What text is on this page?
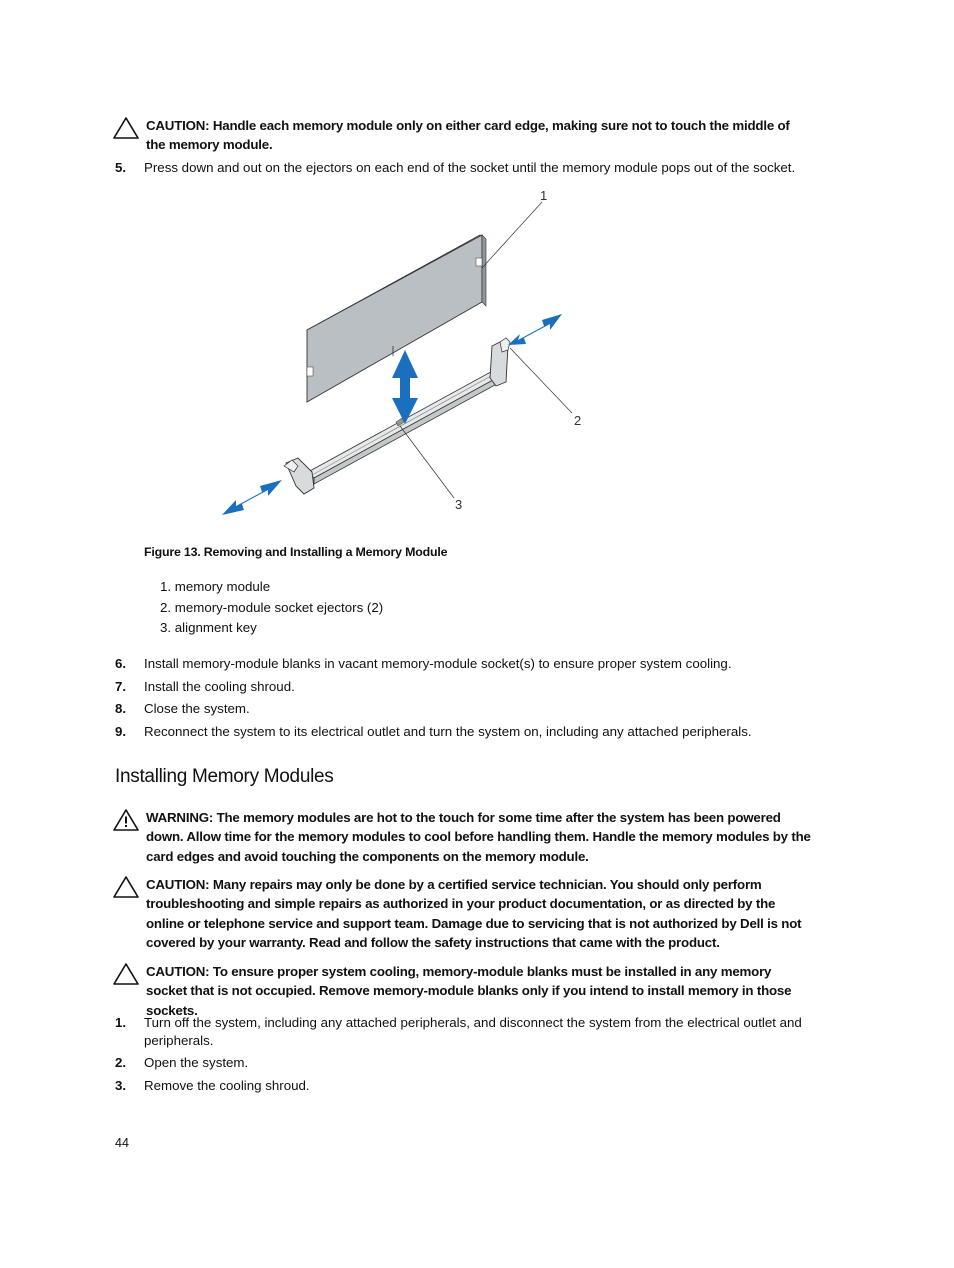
CAUTION: Handle each memory module only on either card edge, making sure not to touch the middle of the memory module.
5. Press down and out on the ejectors on each end of the socket until the memory module pops out of the socket.
1
2
3
Figure 13. Removing and Installing a Memory Module
1. memory module
2. memory-module socket ejectors (2)
3. alignment key
6. Install memory-module blanks in vacant memory-module socket(s) to ensure proper system cooling.
7. Install the cooling shroud.
8. Close the system.
9. Reconnect the system to its electrical outlet and turn the system on, including any attached peripherals.
Installing Memory Modules
WARNING: The memory modules are hot to the touch for some time after the system has been powered down. Allow time for the memory modules to cool before handling them. Handle the memory modules by the card edges and avoid touching the components on the memory module.
CAUTION: Many repairs may only be done by a certified service technician. You should only perform troubleshooting and simple repairs as authorized in your product documentation, or as directed by the online or telephone service and support team. Damage due to servicing that is not authorized by Dell is not covered by your warranty. Read and follow the safety instructions that came with the product.
CAUTION: To ensure proper system cooling, memory-module blanks must be installed in any memory socket that is not occupied. Remove memory-module blanks only if you intend to install memory in those sockets.
1. Turn off the system, including any attached peripherals, and disconnect the system from the electrical outlet and peripherals.
2. Open the system.
3. Remove the cooling shroud.
44
